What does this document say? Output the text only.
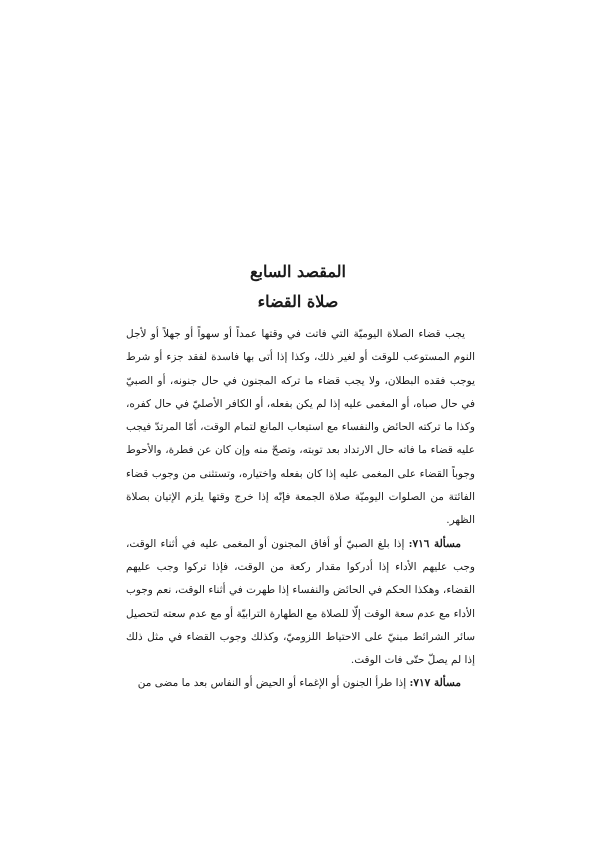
المقصد السابع
صلاة القضاء

يجب قضاء الصلاة اليوميّة التي فاتت في وقتها عمداً أو سهواً أو جهلاً أو لأجل النوم المستوعب للوقت أو لغير ذلك، وكذا إذا أتى بها فاسدة لفقد جزء أو شرط يوجب فقده البطلان، ولا يجب قضاء ما تركه المجنون في حال جنونه، أو الصبيّ في حال صباه، أو المغمى عليه إذا لم يكن بفعله، أو الكافر الأصليّ في حال كفره، وكذا ما تركته الحائض والنفساء مع استيعاب المانع لتمام الوقت، أمّا المرتدّ فيجب عليه قضاء ما فاته حال الارتداد بعد توبته، وتصحّ منه وإن كان عن فطرة، والأحوط وجوباً القضاء على المغمى عليه إذا كان بفعله واختياره، وتستثنى من وجوب قضاء الفائتة من الصلوات اليوميّة صلاة الجمعة فإنّه إذا خرج وقتها يلزم الإتيان بصلاة الظهر.

مسألة ٧١٦: إذا بلغ الصبيّ أو أفاق المجنون أو المغمى عليه في أثناء الوقت، وجب عليهم الأداء إذا أدركوا مقدار ركعة من الوقت، فإذا تركوا وجب عليهم القضاء، وهكذا الحكم في الحائض والنفساء إذا طهرت في أثناء الوقت، نعم وجوب الأداء مع عدم سعة الوقت إلّا للصلاة مع الطهارة الترابيّة أو مع عدم سعته لتحصيل سائر الشرائط مبنيّ على الاحتياط اللزوميّ، وكذلك وجوب القضاء في مثل ذلك إذا لم يصلّ حتّى فات الوقت.

مسألة ٧١٧: إذا طرأ الجنون أو الإغماء أو الحيض أو النفاس بعد ما مضى من
